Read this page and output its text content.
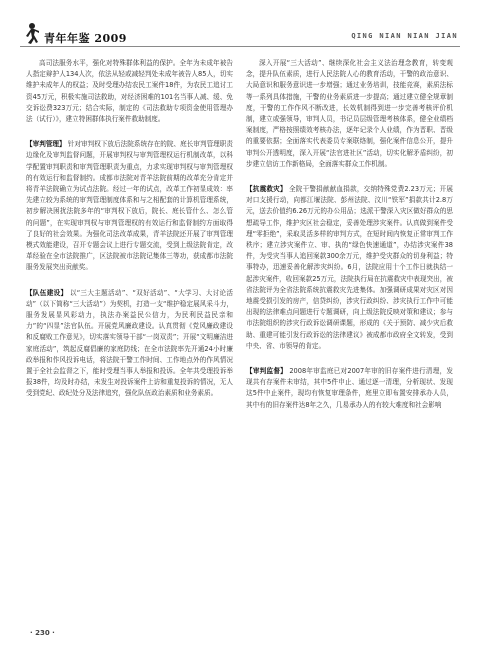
青年年鉴 2009	QING NIAN NIAN JIAN

高司法服务水平，强化对特殊群体利益的保护。全年为未成年被告人指定辩护人134人次，依法从轻或减轻判处未成年被告人85人，切实维护未成年人的权益；及时受理办结农民工案件18件，为农民工追讨工资45万元，积极实施司法救助，对经济困难的101名当事人减、缓、免交诉讼费323万元；结合实际，制定的《司法救助专项资金使用管理办法（试行）》，建立特困群体执行案件救助制度。

【审判管理】 针对审判权下放后法院系统存在的院、庭长审判管理职责边缘化及审判监督问题，开展审判权与审判管理权运行机制改革，以科学配置审判职责和审判管理职责为重点，力求实现审判权与审判管理权的有效运行和监督制约。成都市法院对青羊法院前期的改革充分肯定并将青羊法院确立为试点法院。经过一年的试点，改革工作初显成效：率先建立较为系统的审判管理制度体系和与之相配套的计算机管理系统，初步解决困扰法院多年的“审判权下放后，院长、庭长管什么、怎么管的问题”，在实现审判权与审判管理权的有效运行和监督制约方面取得了良好的社会效果。为强化司法改革成果，青羊法院还开展了审判管理模式效能建设，召开专题会议上进行专题交流，受到上级法院肯定，改革经验在全市法院推广，区法院被市法院记集体三等功，获成都市法院服务发展突出贡献奖。

【队伍建设】 以“三大主题活动”、“双好活动”、“大学习、大讨论活动”（以下简称“三大活动”）为契机，打造一支“维护稳定展风采斗力，服务发展显风彩动力，执法办案益民公信力，为民利民益民亲和力”的“四显”法官队伍。开展党风廉政建设。认真贯彻《党风廉政建设和反腐败工作意见》，切实落实领导干部“一岗双责”；开展“文明廉洁进家庭活动”，筑起反腐倡廉的家庭防线；在全市法院率先开通24小时廉政举报和作风投诉电话，将法院干警工作时间、工作地点外的作风情况置于全社会监督之下，能时受理当事人举报和投诉。全年共受理投诉举报38件，均及时办结，未发生对投诉案件上访和重复投诉的情况，无人受到党纪、政纪处分及法律追究，强化队伍政治素质和业务素质。

深入开展“三大活动”、继续深化社会主义法治理念教育，转变观念，提升队伍素质，进行人民法院人心的教育活动，干警的政治意识、大局意识和服务意识进一步增强；通过业务培训，技能竞赛，素质法标等一系列具体措施，干警的业务素质进一步提高；通过建立健全规章制度，干警的工作作风不断改进，长效机制得到进一步完善考核评价机制，建立或强领导，审判人员，书记员层级管理考核体系，健全业绩档案制度，严格按照绩效考核办法，逐年记录个人业绩，作为晋职、晋级的重要依据；全面落实代表委员专案联络制，强化案件信息公开，提升审判公开透明度，深入开展“法官进社区”活动，切实化解矛盾纠纷，初步建立信访工作新格局，全面落实群众工作机制。

【抗震救灾】 全院干警捐献献血捐款，交纳特殊党费2.23万元；开展对口支援行动，向都江堰法院、彭州法院、汶川“铁军”捐款共计2.8万元，送去价值约6.26万元的办公用品；选派干警深入灾区做好群众的思想疏导工作，维护灾区社会稳定，妥善处理涉灾案件。认真做到案件受理“零拒绝”，采取灵活多样的审判方式，在短时间内恢复正常审判工作秩序；建立涉灾案件立、审、执的“绿色快速通道”，办结涉灾案件38件，为受灾当事人追回案款300余万元，维护受灾群众的切身利益；特事特办，迅速妥善化解涉灾纠纷。6月，法院应用十个工作日就执结一起涉灾案件，收回案款25万元，法院执行局在抗震救灾中表现突出，被省法院评为全省法院系统抗震救灾先进集体。加强调研成果对灾区对因地震受损引发的房产，信贷纠纷，涉灾行政纠纷、涉灾执行工作中可能出现的法律难点问题进行专题调研，向上级法院反映对策和建议；参与市法院组织的涉灾行政诉讼调研课题，形成的《关于预防、减少灾后救助、重建可能引发行政诉讼的法律建议》被成都市政府全文转发，受到中央、省、市领导的肯定。

【审判监督】 2008年审监庭已对2007年审的旧存案件进行清理，发现共有存案件未审结，其中5件申止、通过逐一清理，分析现状、发现这5件中止案件，现均有恢复审理条件，庭里立即布置安排承办人员，其中有的旧存案件达8年之久，几易承办人的有较大难度和社会影响

· 230 ·
